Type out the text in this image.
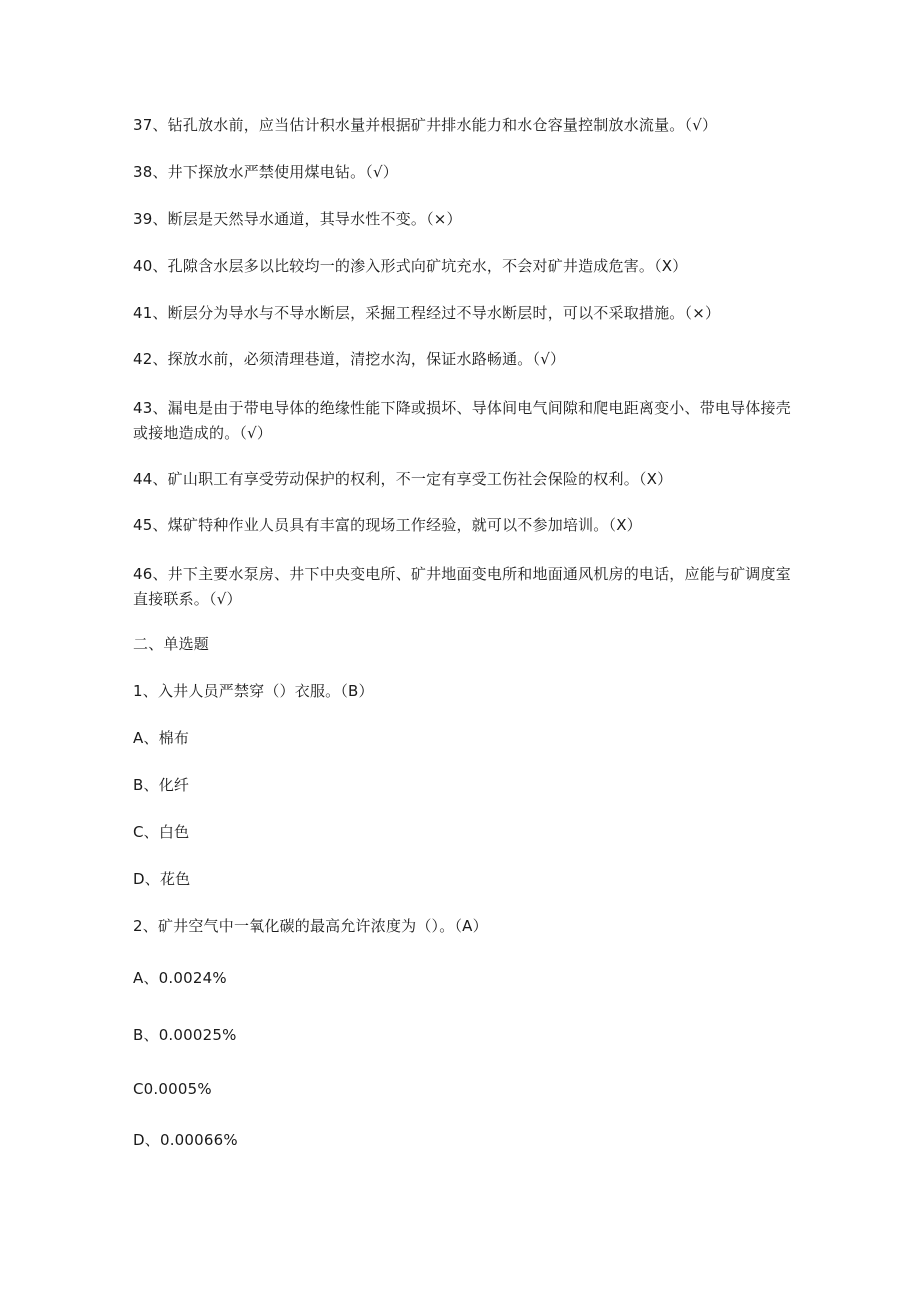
37、钻孔放水前，应当估计积水量并根据矿井排水能力和水仓容量控制放水流量。（√）
38、井下探放水严禁使用煤电钻。（√）
39、断层是天然导水通道，其导水性不变。（×）
40、孔隙含水层多以比较均一的渗入形式向矿坑充水，不会对矿井造成危害。（X）
41、断层分为导水与不导水断层，采掘工程经过不导水断层时，可以不采取措施。（×）
42、探放水前，必须清理巷道，清挖水沟，保证水路畅通。（√）
43、漏电是由于带电导体的绝缘性能下降或损坏、导体间电气间隙和爬电距离变小、带电导体接壳或接地造成的。（√）
44、矿山职工有享受劳动保护的权利，不一定有享受工伤社会保险的权利。（X）
45、煤矿特种作业人员具有丰富的现场工作经验，就可以不参加培训。（X）
46、井下主要水泵房、井下中央变电所、矿井地面变电所和地面通风机房的电话，应能与矿调度室直接联系。（√）
二、单选题
1、入井人员严禁穿（）衣服。（B）
A、棉布
B、化纤
C、白色
D、花色
2、矿井空气中一氧化碳的最高允许浓度为（）。（A）
A、0.0024%
B、0.00025%
C0.0005%
D、0.00066%
